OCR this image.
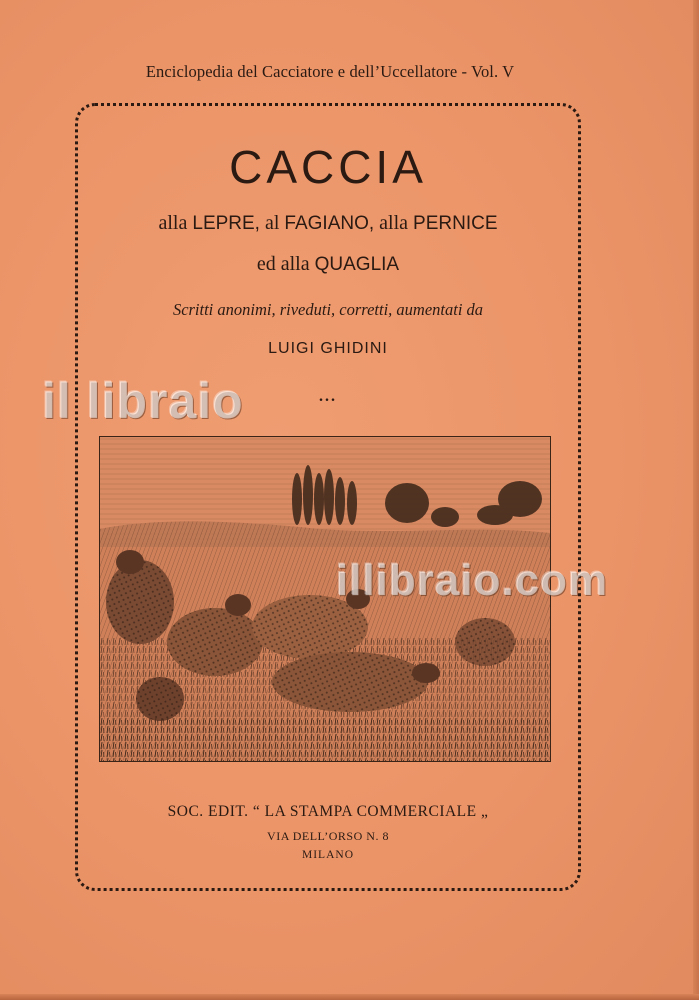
Enciclopedia del Cacciatore e dell’Uccellatore - Vol. V
CACCIA
alla LEPRE, al FAGIANO, alla PERNICE
ed alla QUAGLIA
Scritti anonimi, riveduti, corretti, aumentati da
LUIGI GHIDINI
...
SOC. EDIT. “ LA STAMPA COMMERCIALE „
VIA DELL’ORSO N. 8
MILANO
il libraio
illibraio.com
